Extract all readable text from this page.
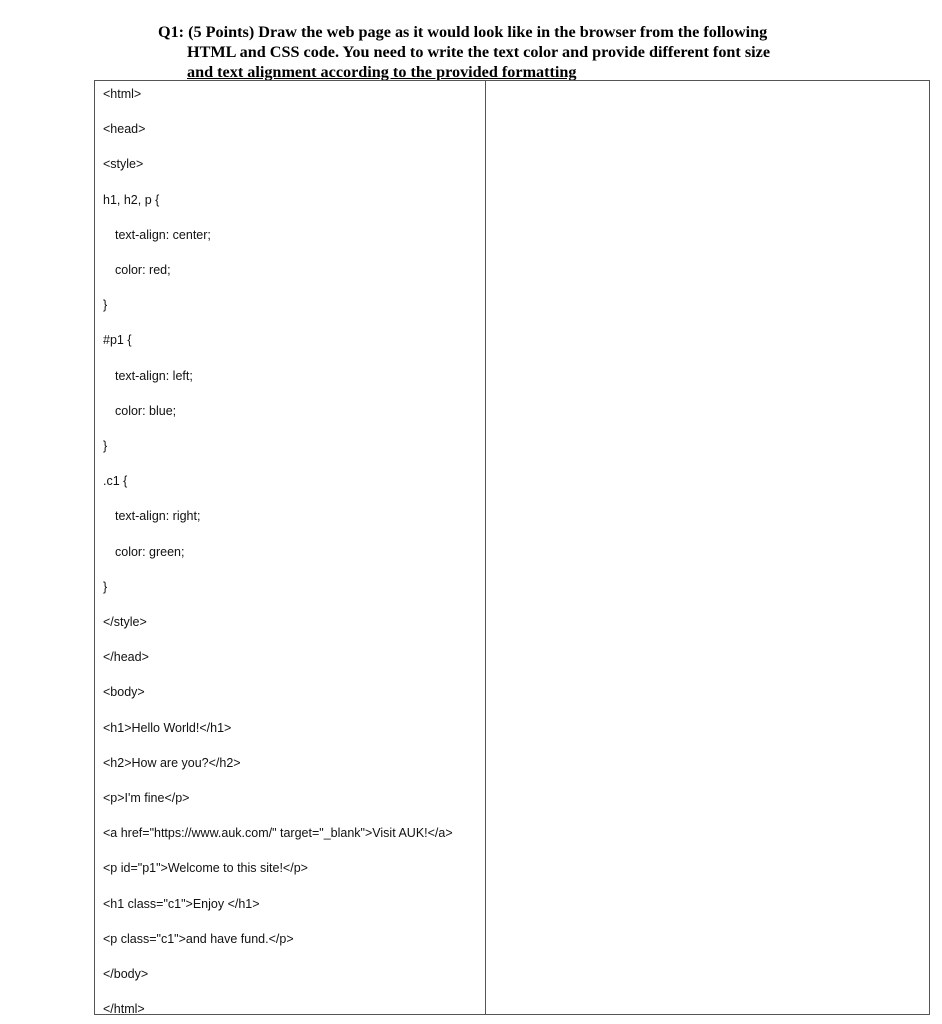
Q1: (5 Points) Draw the web page as it would look like in the browser from the following
HTML and CSS code. You need to write the text color and provide different font size
and text alignment according to the provided formatting
<html>
<head>
<style>
h1, h2, p {
text-align: center;
color: red;
}
#p1 {
text-align: left;
color: blue;
}
.c1 {
text-align: right;
color: green;
}
</style>
</head>
<body>
<h1>Hello World!</h1>
<h2>How are you?</h2>
<p>I'm fine</p>
<a href="https://www.auk.com/" target="_blank">Visit AUK!</a>
<p id="p1">Welcome to this site!</p>
<h1 class="c1">Enjoy </h1>
<p class="c1">and have fund.</p>
</body>
</html>
